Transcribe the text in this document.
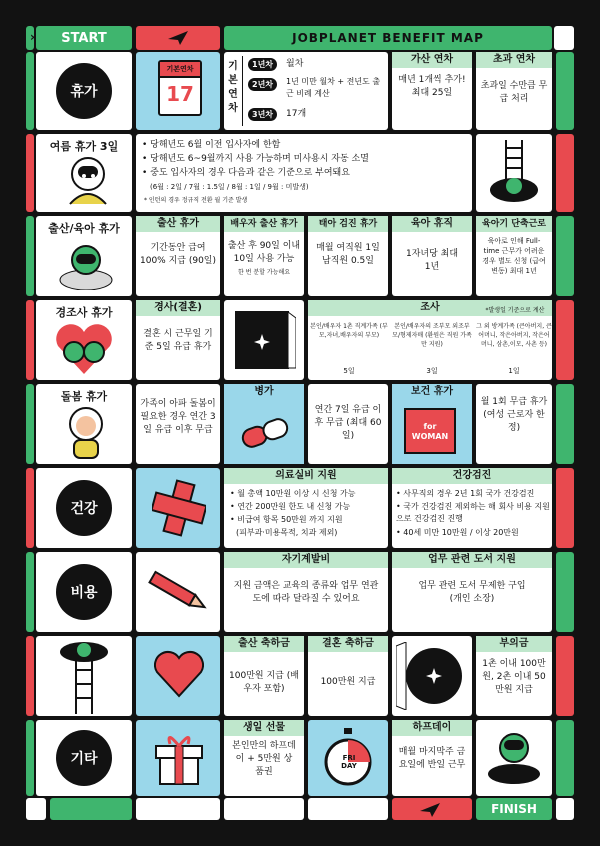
START	JOBPLANET BENEFIT MAP
›
FINISH
휴가
기본연차
17
기본 연차
1년차	월차
2년차	1년 미만 월차 + 전년도 출근 비례 계산
3년차	17개
가산 연차
매년 1개씩 추가! 최대 25일
초과 연차
초과일 수만큼 무급 처리
여름 휴가 3일	• 당해년도 6월 이전 입사자에 한함
• 당해년도 6~9월까지 사용 가능하며 미사용시 자동 소멸
• 중도 입사자의 경우 다음과 같은 기준으로 부여돼요
(6월 : 2일 / 7월 : 1.5일 / 8월 : 1일 / 9월 : 미발생)
* 인턴의 경우 정규직 전환 월 기준 발생
출산/육아 휴가	출산 휴가
기간동안 급여 100% 지급 (90일)
배우자 출산 휴가
출산 후 90일 이내 10일 사용 가능
한 번 분할 가능해요
태아 검진 휴가
매월 여직원 1일 남직원 0.5일
육아 휴직
1자녀당 최대 1년
육아기 단축근로
육아로 인해 Full-time 근무가 어려운 경우 별도 신청 (급여 변동) 최대 1년
경조사 휴가	경사(결혼)
결혼 시 근무일 기준 5일 유급 휴가
조사	*발생일 기준으로 계산
본인/배우자 1촌 직계가족 (부모,자녀,배우자의 부모)
5일
본인/배우자의 조부모 외조부모/형제자매 (환원은 직원 가족만 지원)
3일
그 외 방계가족 (큰아버지, 큰어머니, 작은아버지, 작은어머니, 삼촌,이모, 사촌 등)
1일
돌봄 휴가
가족이 아파 돌봄이 필요한 경우 연간 3일 유급 이후 무급
병가
연간 7일 유급 이후 무급 (최대 60일)
보건 휴가
for WOMAN
월 1회 무급 휴가 (여성 근로자 한정)
건강
의료실비 지원
• 월 총액 10만원 이상 시 신청 가능
• 연간 200만원 한도 내 신청 가능
• 비급여 항목 50만원 까지 지원
(피부과·미용목적, 치과 제외)
건강검진
• 사무직의 경우 2년 1회 국가 건강검진
• 국가 건강검진 제외하는 해 회사 비용 지원으로 건강검진 진행
• 40세 미만 10만원 / 이상 20만원
비용
자기계발비
지원 금액은 교육의 종류와 업무 연관도에 따라 달라질 수 있어요
업무 관련 도서 지원
업무 관련 도서 무제한 구입 (개인 소장)
출산 축하금
100만원 지급 (배우자 포함)
결혼 축하금
100만원 지급
부의금
1촌 이내 100만원, 2촌 이내 50만원 지급
기타
생일 선물
본인만의 하프데이 + 5만원 상품권
FRI DAY
하프데이
매월 마지막주 금요일에 반일 근무
